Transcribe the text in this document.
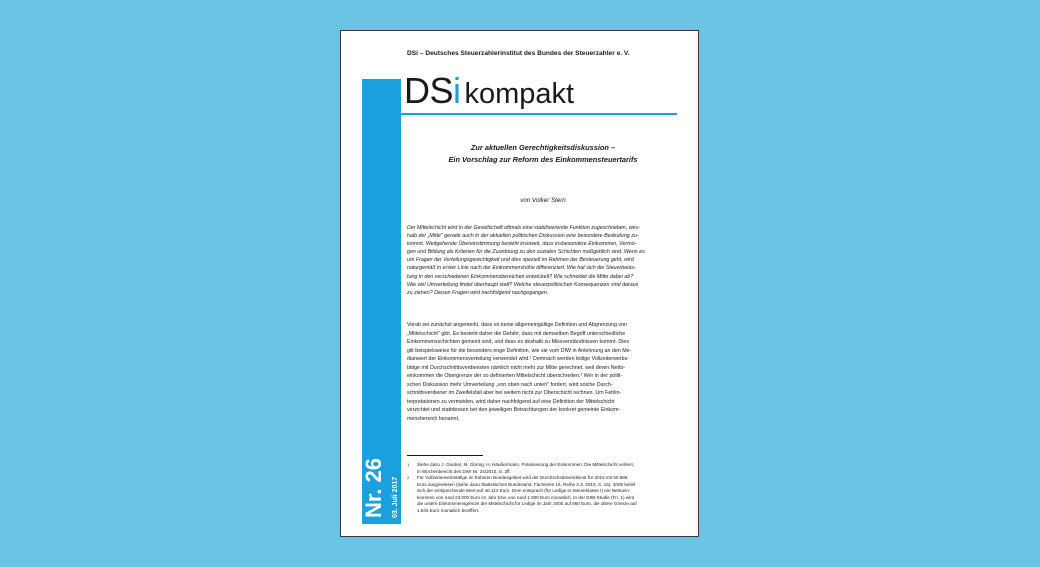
Nr. 26 03. Juli 2017
DSi – Deutsches Steuerzahlerinstitut des Bundes der Steuerzahler e. V.
DSi kompakt
Zur aktuellen Gerechtigkeitsdiskussion –
Ein Vorschlag zur Reform des Einkommensteuertarifs
von Volker Stern
Der Mittelschicht wird in der Gesellschaft oftmals eine stabilisierende Funktion zugeschrieben, wes-
halb der „Mitte" gerade auch in der aktuellen politischen Diskussion eine besondere Bedeutung zu-
kommt. Weitgehende Übereinstimmung besteht insoweit, dass insbesondere Einkommen, Vermö-
gen und Bildung als Kriterien für die Zuordnung zu den sozialen Schichten maßgeblich sind. Wenn es
um Fragen der Verteilungsgerechtigkeit und dies speziell im Rahmen der Besteuerung geht, wird
naturgemäß in erster Linie nach der Einkommenshöhe differenziert. Wie hat sich die Steuerbelas-
tung in den verschiedenen Einkommensbereichen entwickelt? Wie schneidet die Mitte dabei ab?
Wie viel Umverteilung findet überhaupt statt? Welche steuerpolitischen Konsequenzen sind daraus
zu ziehen? Diesen Fragen wird nachfolgend nachgegangen.
Vorab sei zunächst angemerkt, dass es keine allgemeingültige Definition und Abgrenzung von
„Mittelschicht" gibt. Es besteht daher die Gefahr, dass mit demselben Begriff unterschiedliche
Einkommensschichten gemeint sind, und dass es deshalb zu Missverständnissen kommt. Dies
gilt beispielsweise für die besonders enge Definition, wie sie vom DIW in Anlehnung an den Me-
dianwert der Einkommensverteilung verwendet wird.¹ Demnach werden ledige Vollzeiterwerbs-
tätige mit Durchschnittsverdiensten nämlich nicht mehr zur Mitte gerechnet, weil deren Netto-
einkommen die Obergrenze der so definierten Mittelschicht überschreiten.² Wer in der politi-
schen Diskussion mehr Umverteilung „von oben nach unten" fordert, wird solche Durch-
schnittsverdiener im Zweifelsfall aber bei weitem nicht zur Oberschicht rechnen. Um Fehlin-
terpretationen zu vermeiden, wird daher nachfolgend auf eine Definition der Mittelschicht
verzichtet und stattdessen bei den jeweiligen Betrachtungen der konkret gemeinte Einkom-
mensbereich benannt.
1 Siehe dazu J. Goebel, M. Gornig, H. Häußermann, Polarisierung der Einkommen: Die Mittelschicht verliert,
in Wochenbericht des DIW Nr. 24/2010, S. 2ff.
2 Für Vollzeiterwerbstätige im früheren Bundesgebiet wird der Durchschnittsverdienst für 2016 mit 50.688
Euro ausgewiesen (siehe dazu Statistisches Bundesamt, Fachserie 16, Reihe 2.3, 2016, S. 15). 2005 belief
sich der entsprechende Wert auf 40.114 Euro. Dem entsprach (für Ledige in Steuerklasse I) ein Nettoein-
kommen von rund 23.000 Euro im Jahr bzw. von rund 1.900 Euro monatlich. In der DIW-Studie (Fn. 1) wird
die untere Einkommensgrenze der Mittelschicht für Ledige im Jahr 2005 auf 860 Euro, die obere Grenze auf
1.844 Euro monatlich beziffert.
